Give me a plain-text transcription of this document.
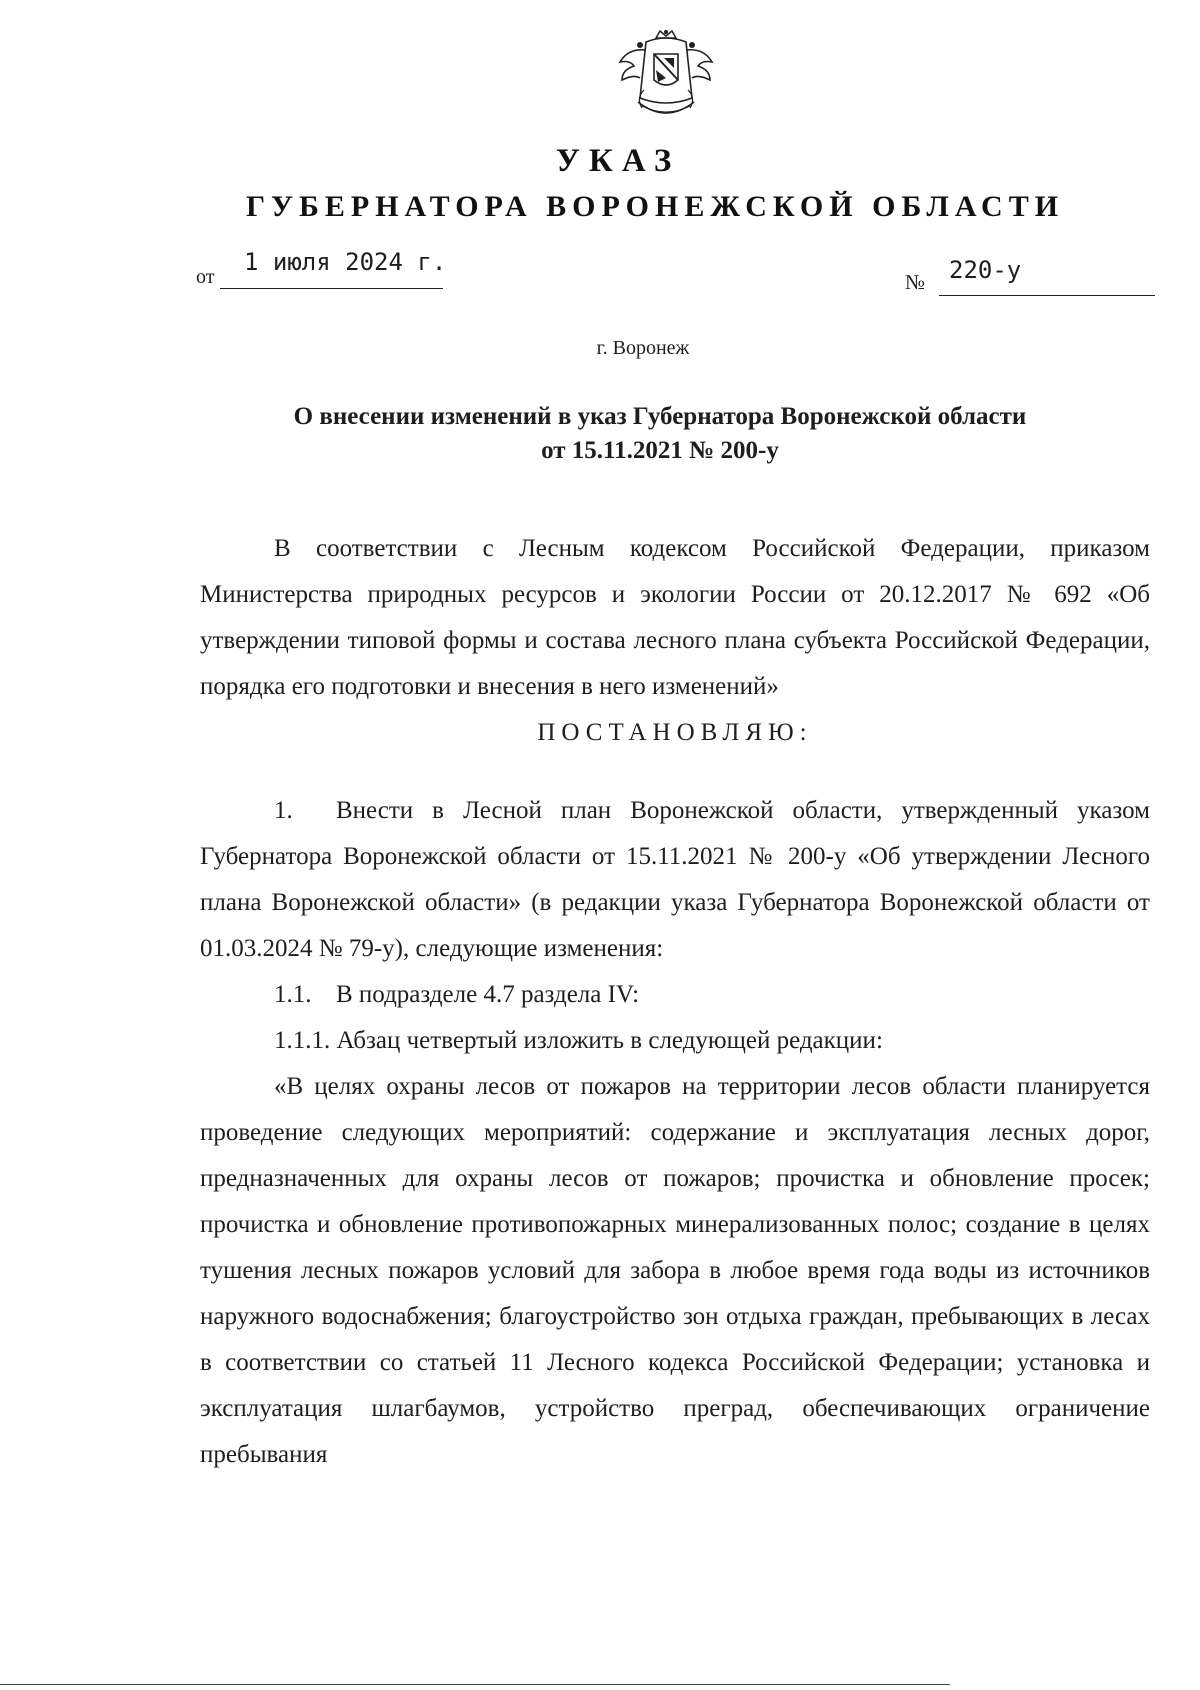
УКАЗ
ГУБЕРНАТОРА ВОРОНЕЖСКОЙ ОБЛАСТИ
от
1 июля 2024 г.
№ 220-у
г. Воронеж
О внесении изменений в указ Губернатора Воронежской области
от 15.11.2021 № 200-у

В соответствии с Лесным кодексом Российской Федерации, приказом Министерства природных ресурсов и экологии России от 20.12.2017 № 692 «Об утверждении типовой формы и состава лесного плана субъекта Российской Федерации, порядка его подготовки и внесения в него изменений»

ПОСТАНОВЛЯЮ:

1. Внести в Лесной план Воронежской области, утвержденный указом Губернатора Воронежской области от 15.11.2021 № 200-у «Об утверждении Лесного плана Воронежской области» (в редакции указа Губернатора Воронежской области от 01.03.2024 № 79-у), следующие изменения:

1.1. В подразделе 4.7 раздела IV:

1.1.1. Абзац четвертый изложить в следующей редакции:

«В целях охраны лесов от пожаров на территории лесов области планируется проведение следующих мероприятий: содержание и эксплуатация лесных дорог, предназначенных для охраны лесов от пожаров; прочистка и обновление просек; прочистка и обновление противопожарных минерализованных полос; создание в целях тушения лесных пожаров условий для забора в любое время года воды из источников наружного водоснабжения; благоустройство зон отдыха граждан, пребывающих в лесах в соответствии со статьей 11 Лесного кодекса Российской Федерации; установка и эксплуатация шлагбаумов, устройство преград, обеспечивающих ограничение пребывания
